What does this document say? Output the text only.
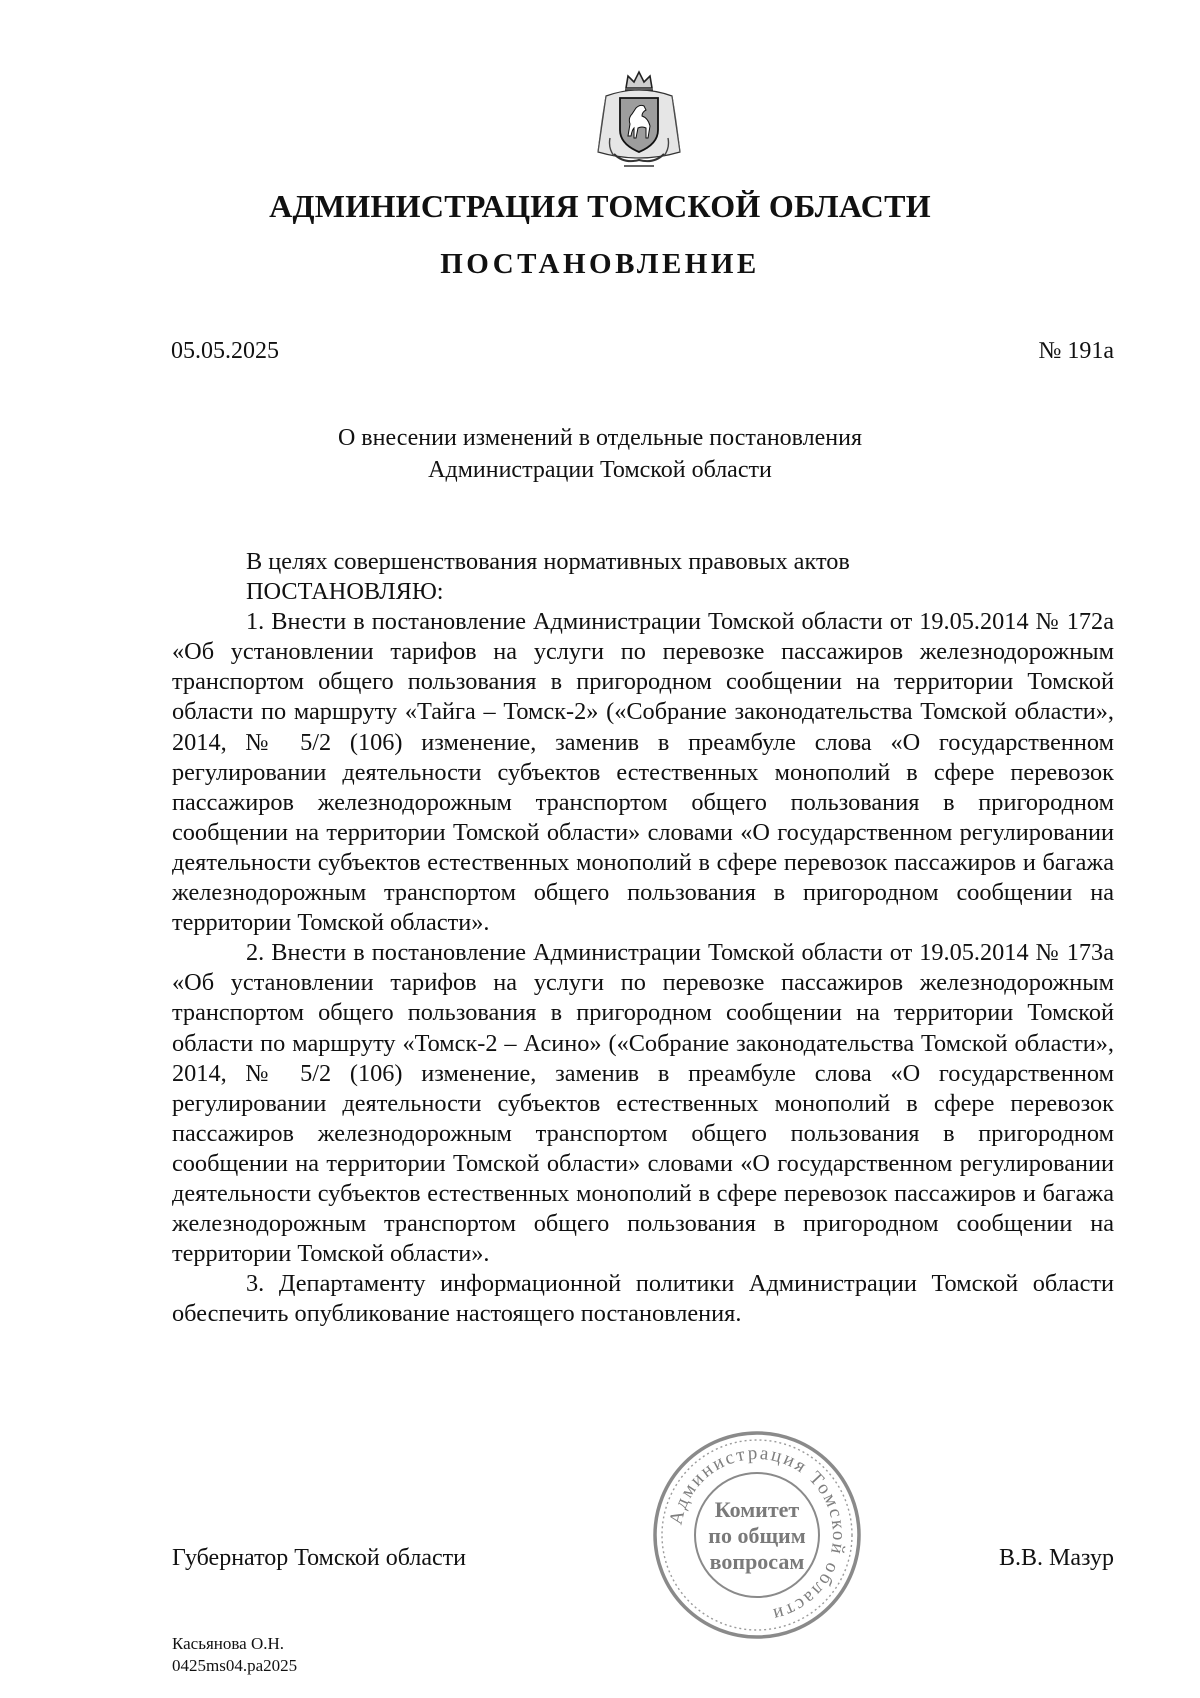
АДМИНИСТРАЦИЯ ТОМСКОЙ ОБЛАСТИ
ПОСТАНОВЛЕНИЕ
05.05.2025	№ 191а
О внесении изменений в отдельные постановления
Администрации Томской области

В целях совершенствования нормативных правовых актов

ПОСТАНОВЛЯЮ:

1. Внести в постановление Администрации Томской области от 19.05.2014 № 172а «Об установлении тарифов на услуги по перевозке пассажиров железнодорожным транспортом общего пользования в пригородном сообщении на территории Томской области по маршруту «Тайга – Томск-2» («Собрание законодательства Томской области», 2014, № 5/2 (106) изменение, заменив в преамбуле слова «О государственном регулировании деятельности субъектов естественных монополий в сфере перевозок пассажиров железнодорожным транспортом общего пользования в пригородном сообщении на территории Томской области» словами «О государственном регулировании деятельности субъектов естественных монополий в сфере перевозок пассажиров и багажа железнодорожным транспортом общего пользования в пригородном сообщении на территории Томской области».

2. Внести в постановление Администрации Томской области от 19.05.2014 № 173а «Об установлении тарифов на услуги по перевозке пассажиров железнодорожным транспортом общего пользования в пригородном сообщении на территории Томской области по маршруту «Томск-2 – Асино» («Собрание законодательства Томской области», 2014, № 5/2 (106) изменение, заменив в преамбуле слова «О государственном регулировании деятельности субъектов естественных монополий в сфере перевозок пассажиров железнодорожным транспортом общего пользования в пригородном сообщении на территории Томской области» словами «О государственном регулировании деятельности субъектов естественных монополий в сфере перевозок пассажиров и багажа железнодорожным транспортом общего пользования в пригородном сообщении на территории Томской области».

3. Департаменту информационной политики Администрации Томской области обеспечить опубликование настоящего постановления.

Губернатор Томской области	В.В. Мазур
Администрация Томской области
Комитет
по общим
вопросам
Касьянова О.Н.
0425ms04.ра2025
